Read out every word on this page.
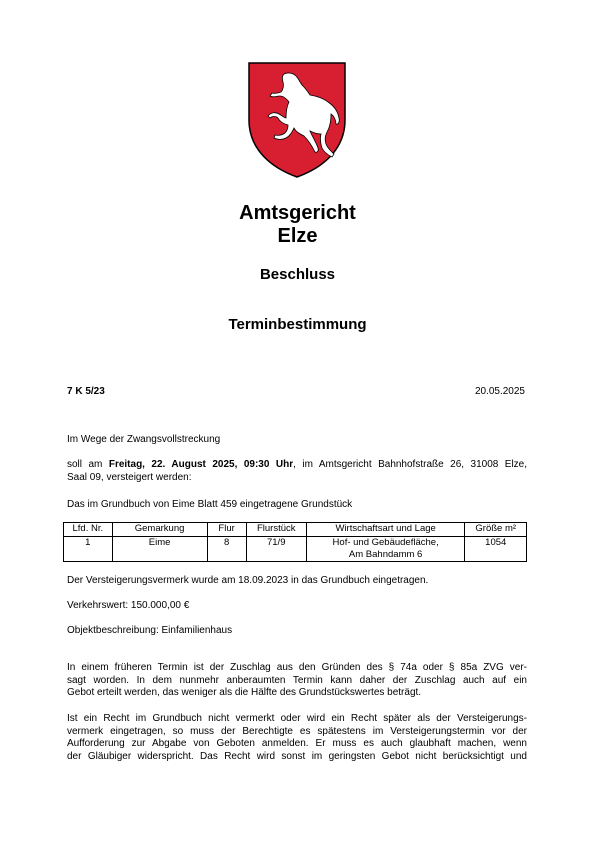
Amtsgericht
Elze
Beschluss
Terminbestimmung
7 K 5/23	20.05.2025
Im Wege der Zwangsvollstreckung
soll am Freitag, 22. August 2025, 09:30 Uhr, im Amtsgericht Bahnhofstraße 26, 31008 Elze,
Saal 09, versteigert werden:
Das im Grundbuch von Eime Blatt 459 eingetragene Grundstück
Lfd. Nr.	Gemarkung	Flur	Flurstück	Wirtschaftsart und Lage	Größe m²
1	Eime	8	71/9	Hof- und Gebäudefläche,
Am Bahndamm 6	1054
Der Versteigerungsvermerk wurde am 18.09.2023 in das Grundbuch eingetragen.
Verkehrswert: 150.000,00 €
Objektbeschreibung: Einfamilienhaus
In einem früheren Termin ist der Zuschlag aus den Gründen des § 74a oder § 85a ZVG ver-
sagt worden. In dem nunmehr anberaumten Termin kann daher der Zuschlag auch auf ein
Gebot erteilt werden, das weniger als die Hälfte des Grundstückswertes beträgt.
Ist ein Recht im Grundbuch nicht vermerkt oder wird ein Recht später als der Versteigerungs-
vermerk eingetragen, so muss der Berechtigte es spätestens im Versteigerungstermin vor der
Aufforderung zur Abgabe von Geboten anmelden. Er muss es auch glaubhaft machen, wenn
der Gläubiger widerspricht. Das Recht wird sonst im geringsten Gebot nicht berücksichtigt und
